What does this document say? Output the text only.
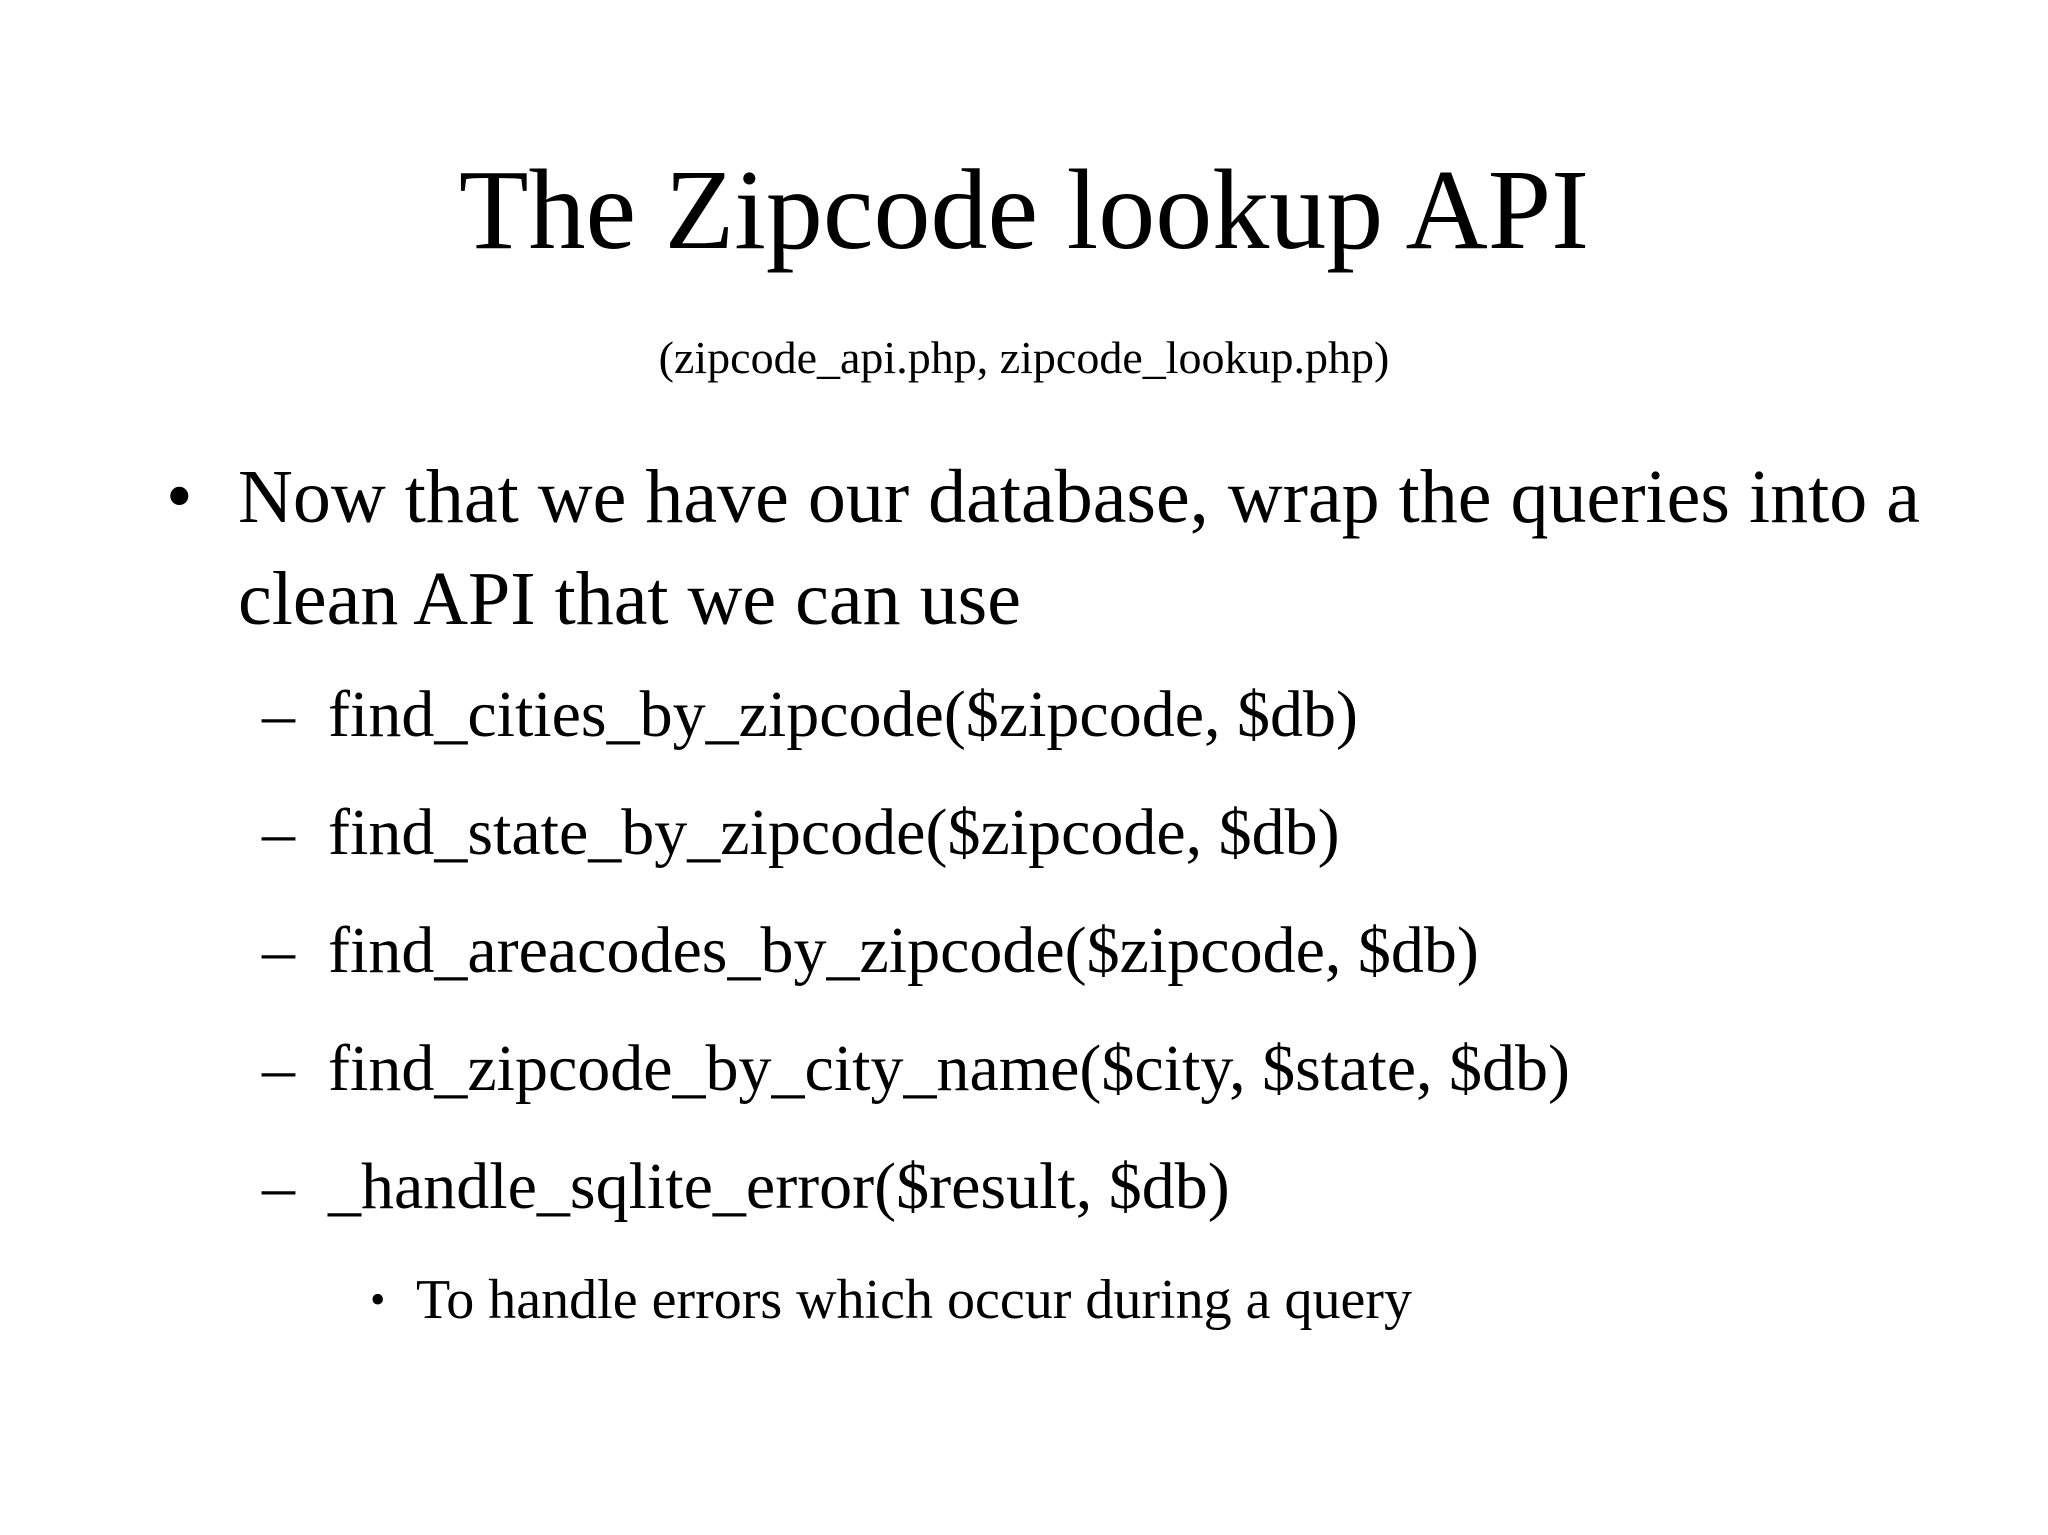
The Zipcode lookup API
(zipcode_api.php, zipcode_lookup.php)
• Now that we have our database, wrap the queries into a clean API that we can use
– find_cities_by_zipcode($zipcode, $db)
– find_state_by_zipcode($zipcode, $db)
– find_areacodes_by_zipcode($zipcode, $db)
– find_zipcode_by_city_name($city, $state, $db)
– _handle_sqlite_error($result, $db)
• To handle errors which occur during a query
